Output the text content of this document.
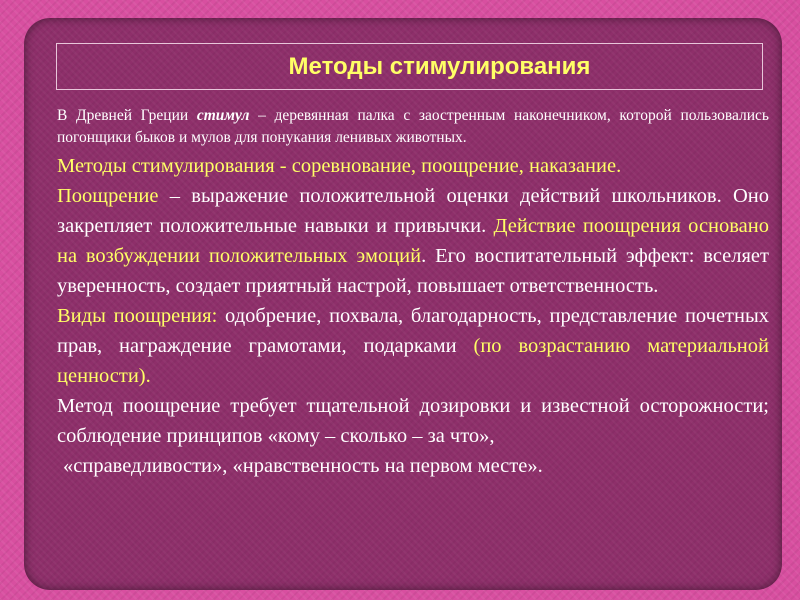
Методы стимулирования

В Древней Греции стимул – деревянная палка с заостренным наконечником, которой пользовались погонщики быков и мулов для понукания ленивых животных.

Методы стимулирования - соревнование, поощрение, наказание.

Поощрение – выражение положительной оценки действий школьников. Оно закрепляет положительные навыки и привычки. Действие поощрения основано на возбуждении положительных эмоций. Его воспитательный эффект: вселяет уверенность, создает приятный настрой, повышает ответственность.

Виды поощрения: одобрение, похвала, благодарность, представление почетных прав, награждение грамотами, подарками (по возрастанию материальной ценности).

Метод поощрение требует тщательной дозировки и известной осторожности; соблюдение принципов «кому – сколько – за что»,
«справедливости», «нравственность на первом месте».
